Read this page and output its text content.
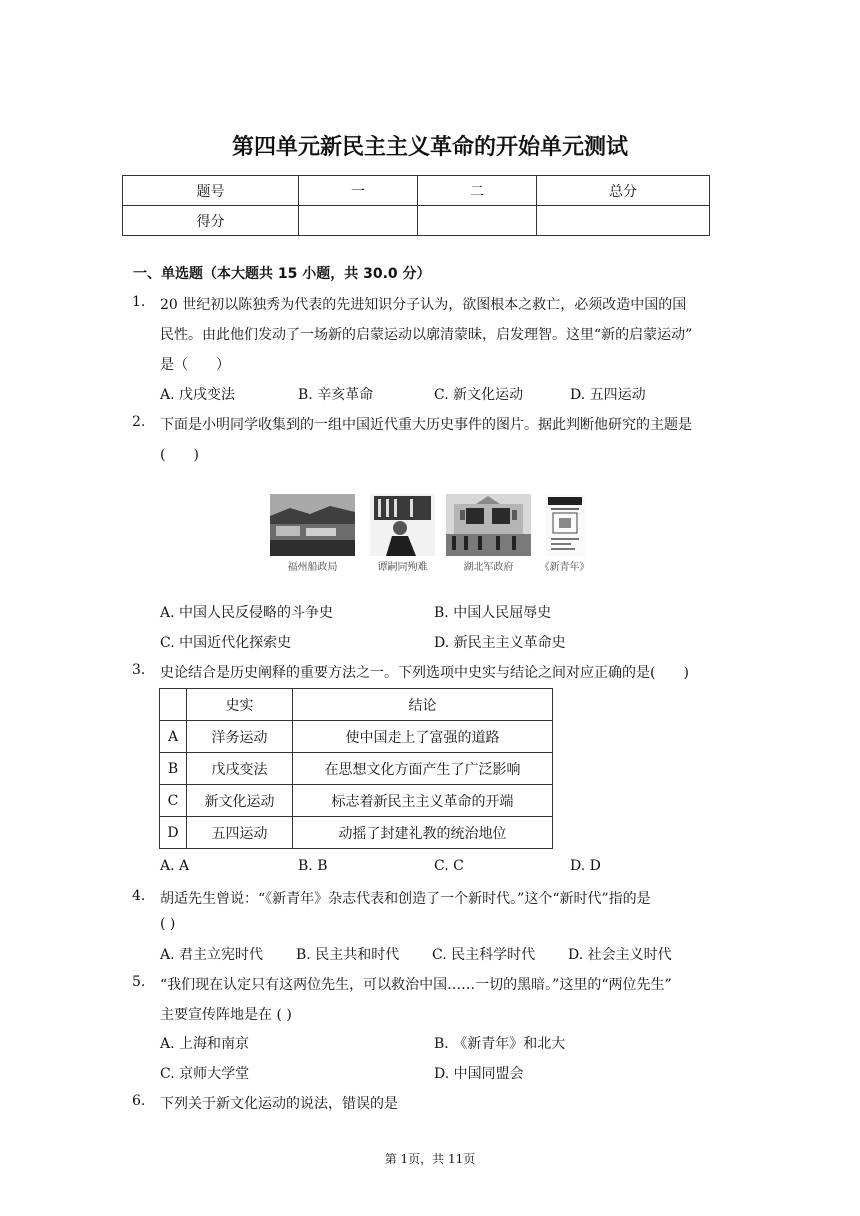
第四单元新民主主义革命的开始单元测试
题号	一	二	总分
得分			
一、单选题（本大题共 15 小题，共 30.0 分）
1.	20 世纪初以陈独秀为代表的先进知识分子认为，欲图根本之救亡，必须改造中国的国
民性。由此他们发动了一场新的启蒙运动以廓清蒙昧，启发理智。这里“新的启蒙运动”
是（　　）
A. 戊戌变法	B. 辛亥革命	C. 新文化运动	D. 五四运动
2.	下面是小明同学收集到的一组中国近代重大历史事件的图片。据此判断他研究的主题是
(　　)
福州船政局	谭嗣同殉难	湖北军政府	《新青年》
A. 中国人民反侵略的斗争史	B. 中国人民屈辱史
C. 中国近代化探索史	D. 新民主主义革命史
3.	史论结合是历史阐释的重要方法之一。下列选项中史实与结论之间对应正确的是(　　)
	史实	结论
A	洋务运动	使中国走上了富强的道路
B	戊戌变法	在思想文化方面产生了广泛影响
C	新文化运动	标志着新民主主义革命的开端
D	五四运动	动摇了封建礼教的统治地位
A. A	B. B	C. C	D. D
4.	胡适先生曾说：“《新青年》杂志代表和创造了一个新时代。”这个“新时代”指的是
( )
A. 君主立宪时代 B. 民主共和时代 C. 民主科学时代 D. 社会主义时代
5.	“我们现在认定只有这两位先生，可以救治中国……一切的黑暗。”这里的“两位先生”
主要宣传阵地是在 ( )
A. 上海和南京	B. 《新青年》和北大
C. 京师大学堂	D. 中国同盟会
6.	下列关于新文化运动的说法，错误的是
第 1页，共 11页
